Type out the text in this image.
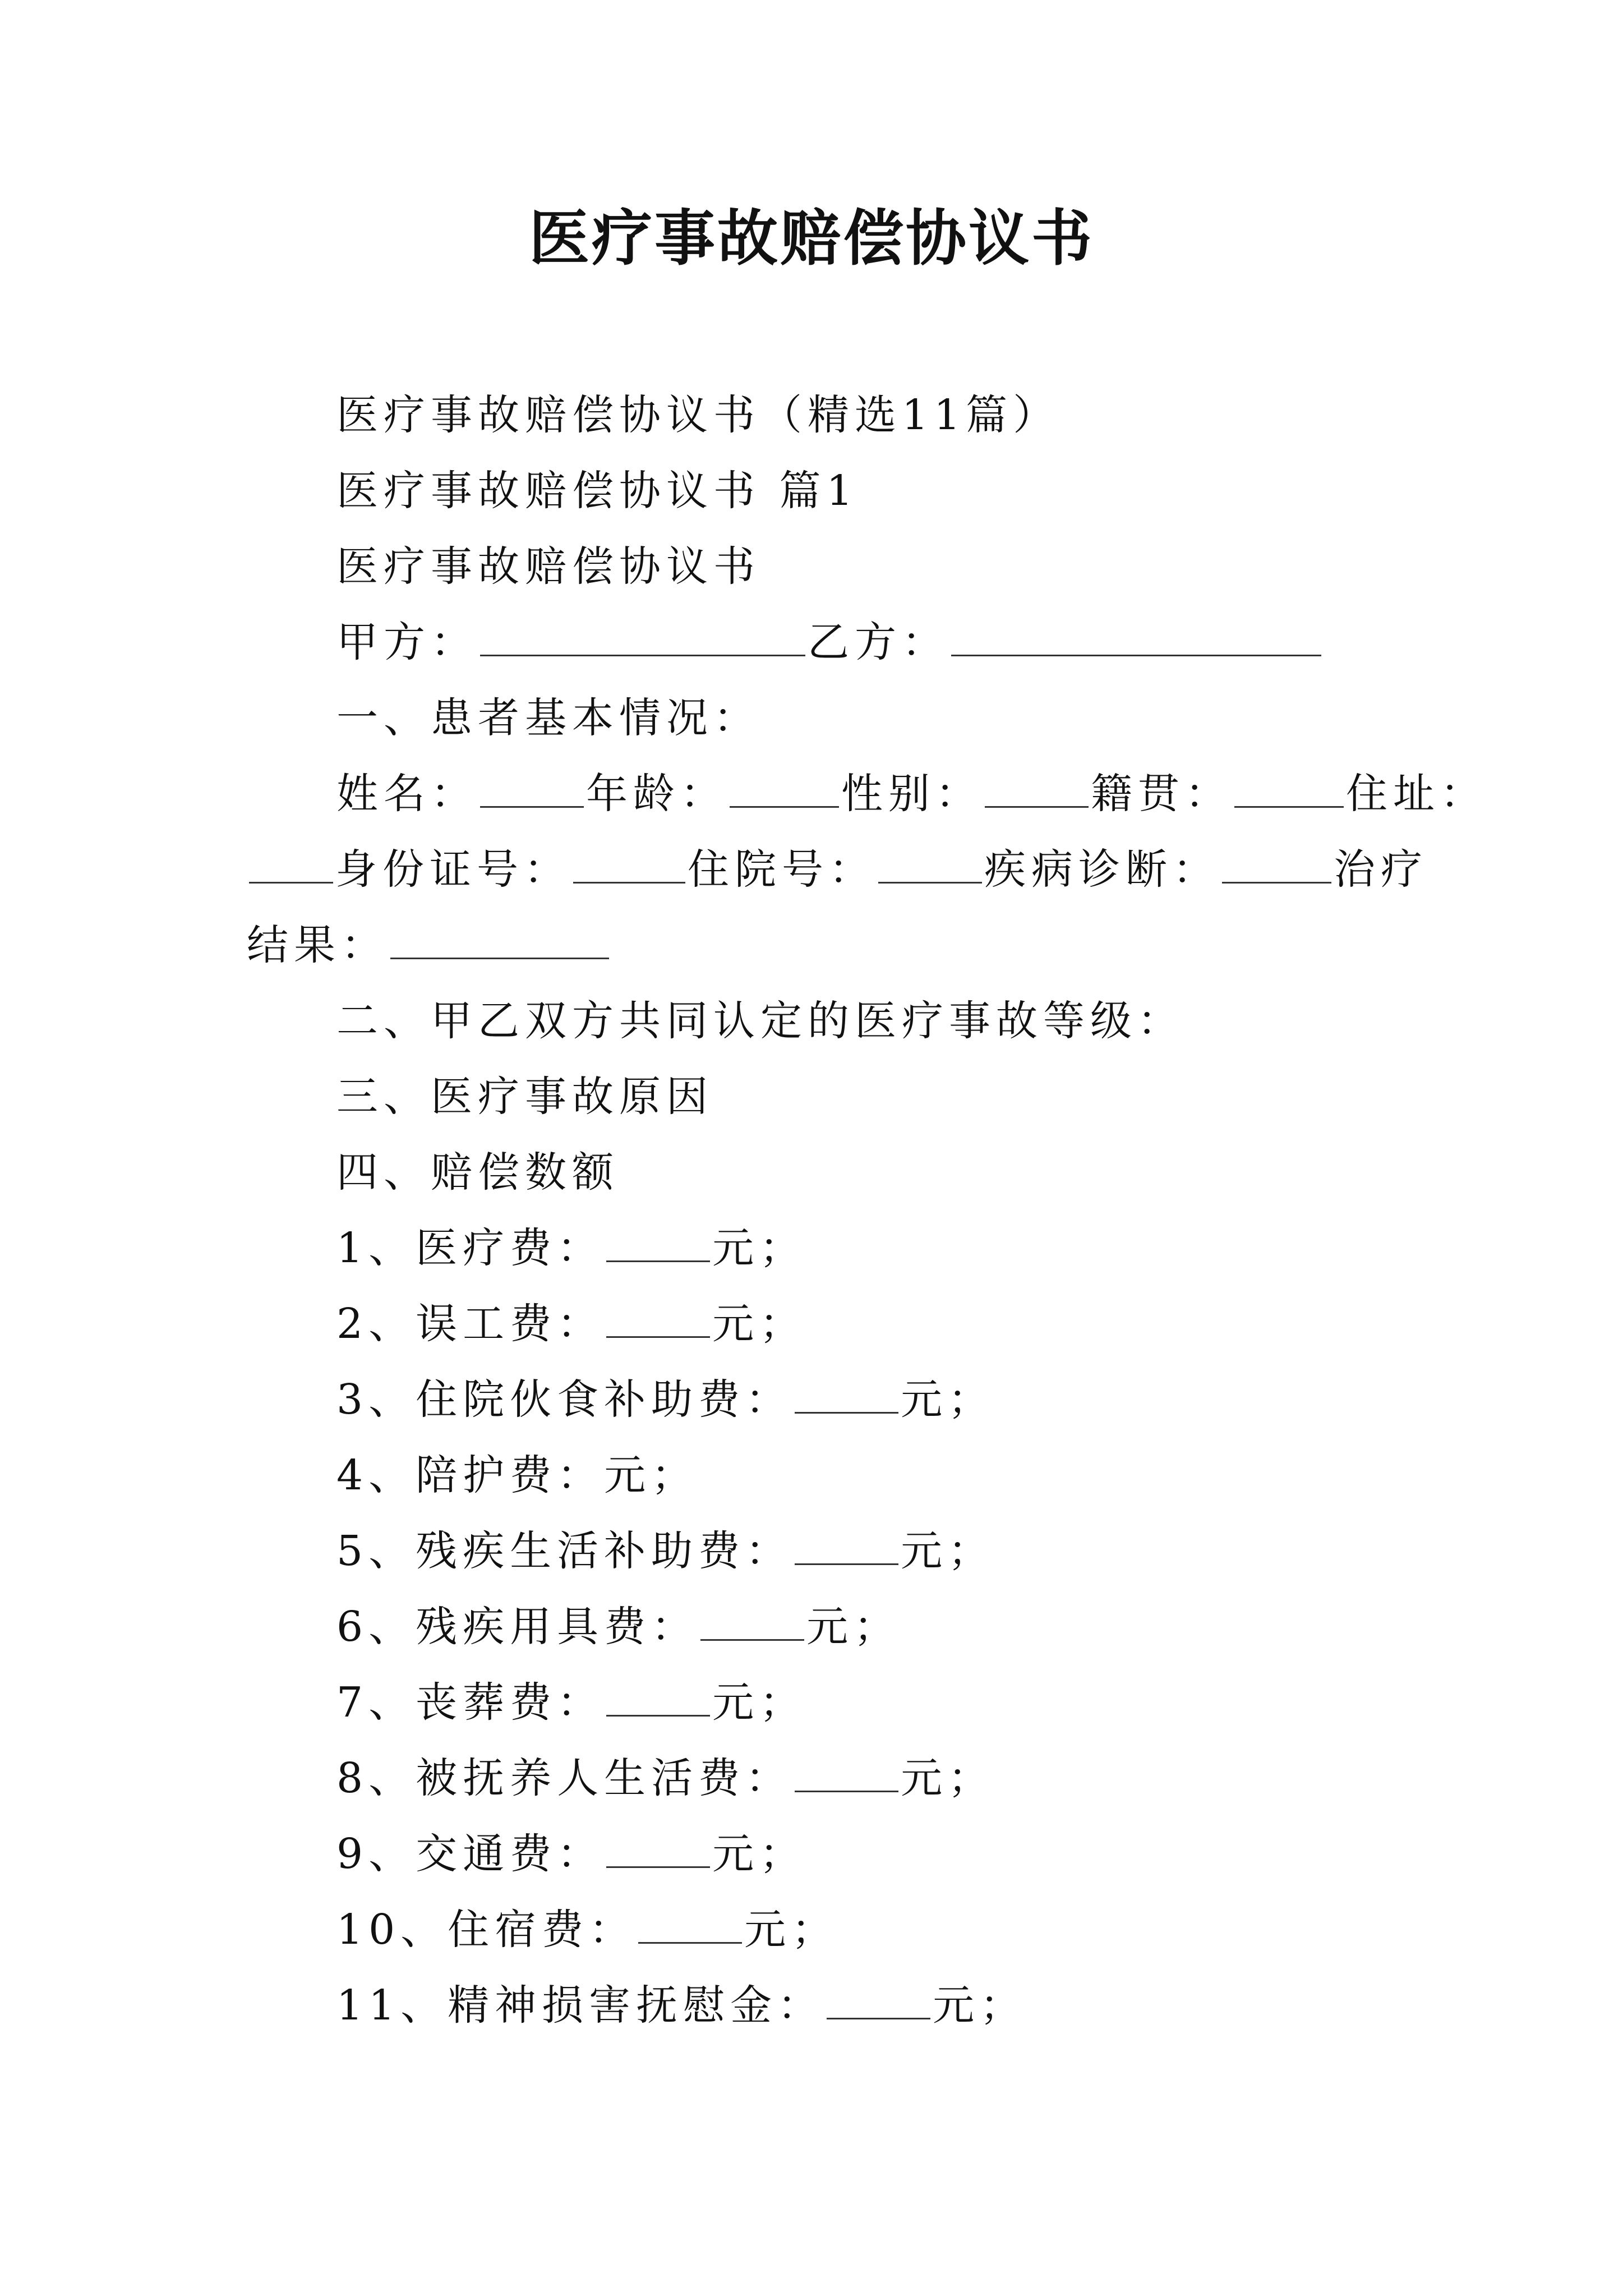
医疗事故赔偿协议书
医疗事故赔偿协议书（精选11篇）
医疗事故赔偿协议书 篇1
医疗事故赔偿协议书
甲方：	乙方：
一、患者基本情况：
姓名：	年龄：	性别：	籍贯：	住址：
身份证号：	住院号：	疾病诊断：	治疗
结果：
二、甲乙双方共同认定的医疗事故等级：
三、医疗事故原因
四、赔偿数额
1、医疗费：	元；
2、误工费：	元；
3、住院伙食补助费：	元；
4、陪护费：元；
5、残疾生活补助费：	元；
6、残疾用具费：	元；
7、丧葬费：	元；
8、被抚养人生活费：	元；
9、交通费：	元；
10、住宿费：	元；
11、精神损害抚慰金：	元；
